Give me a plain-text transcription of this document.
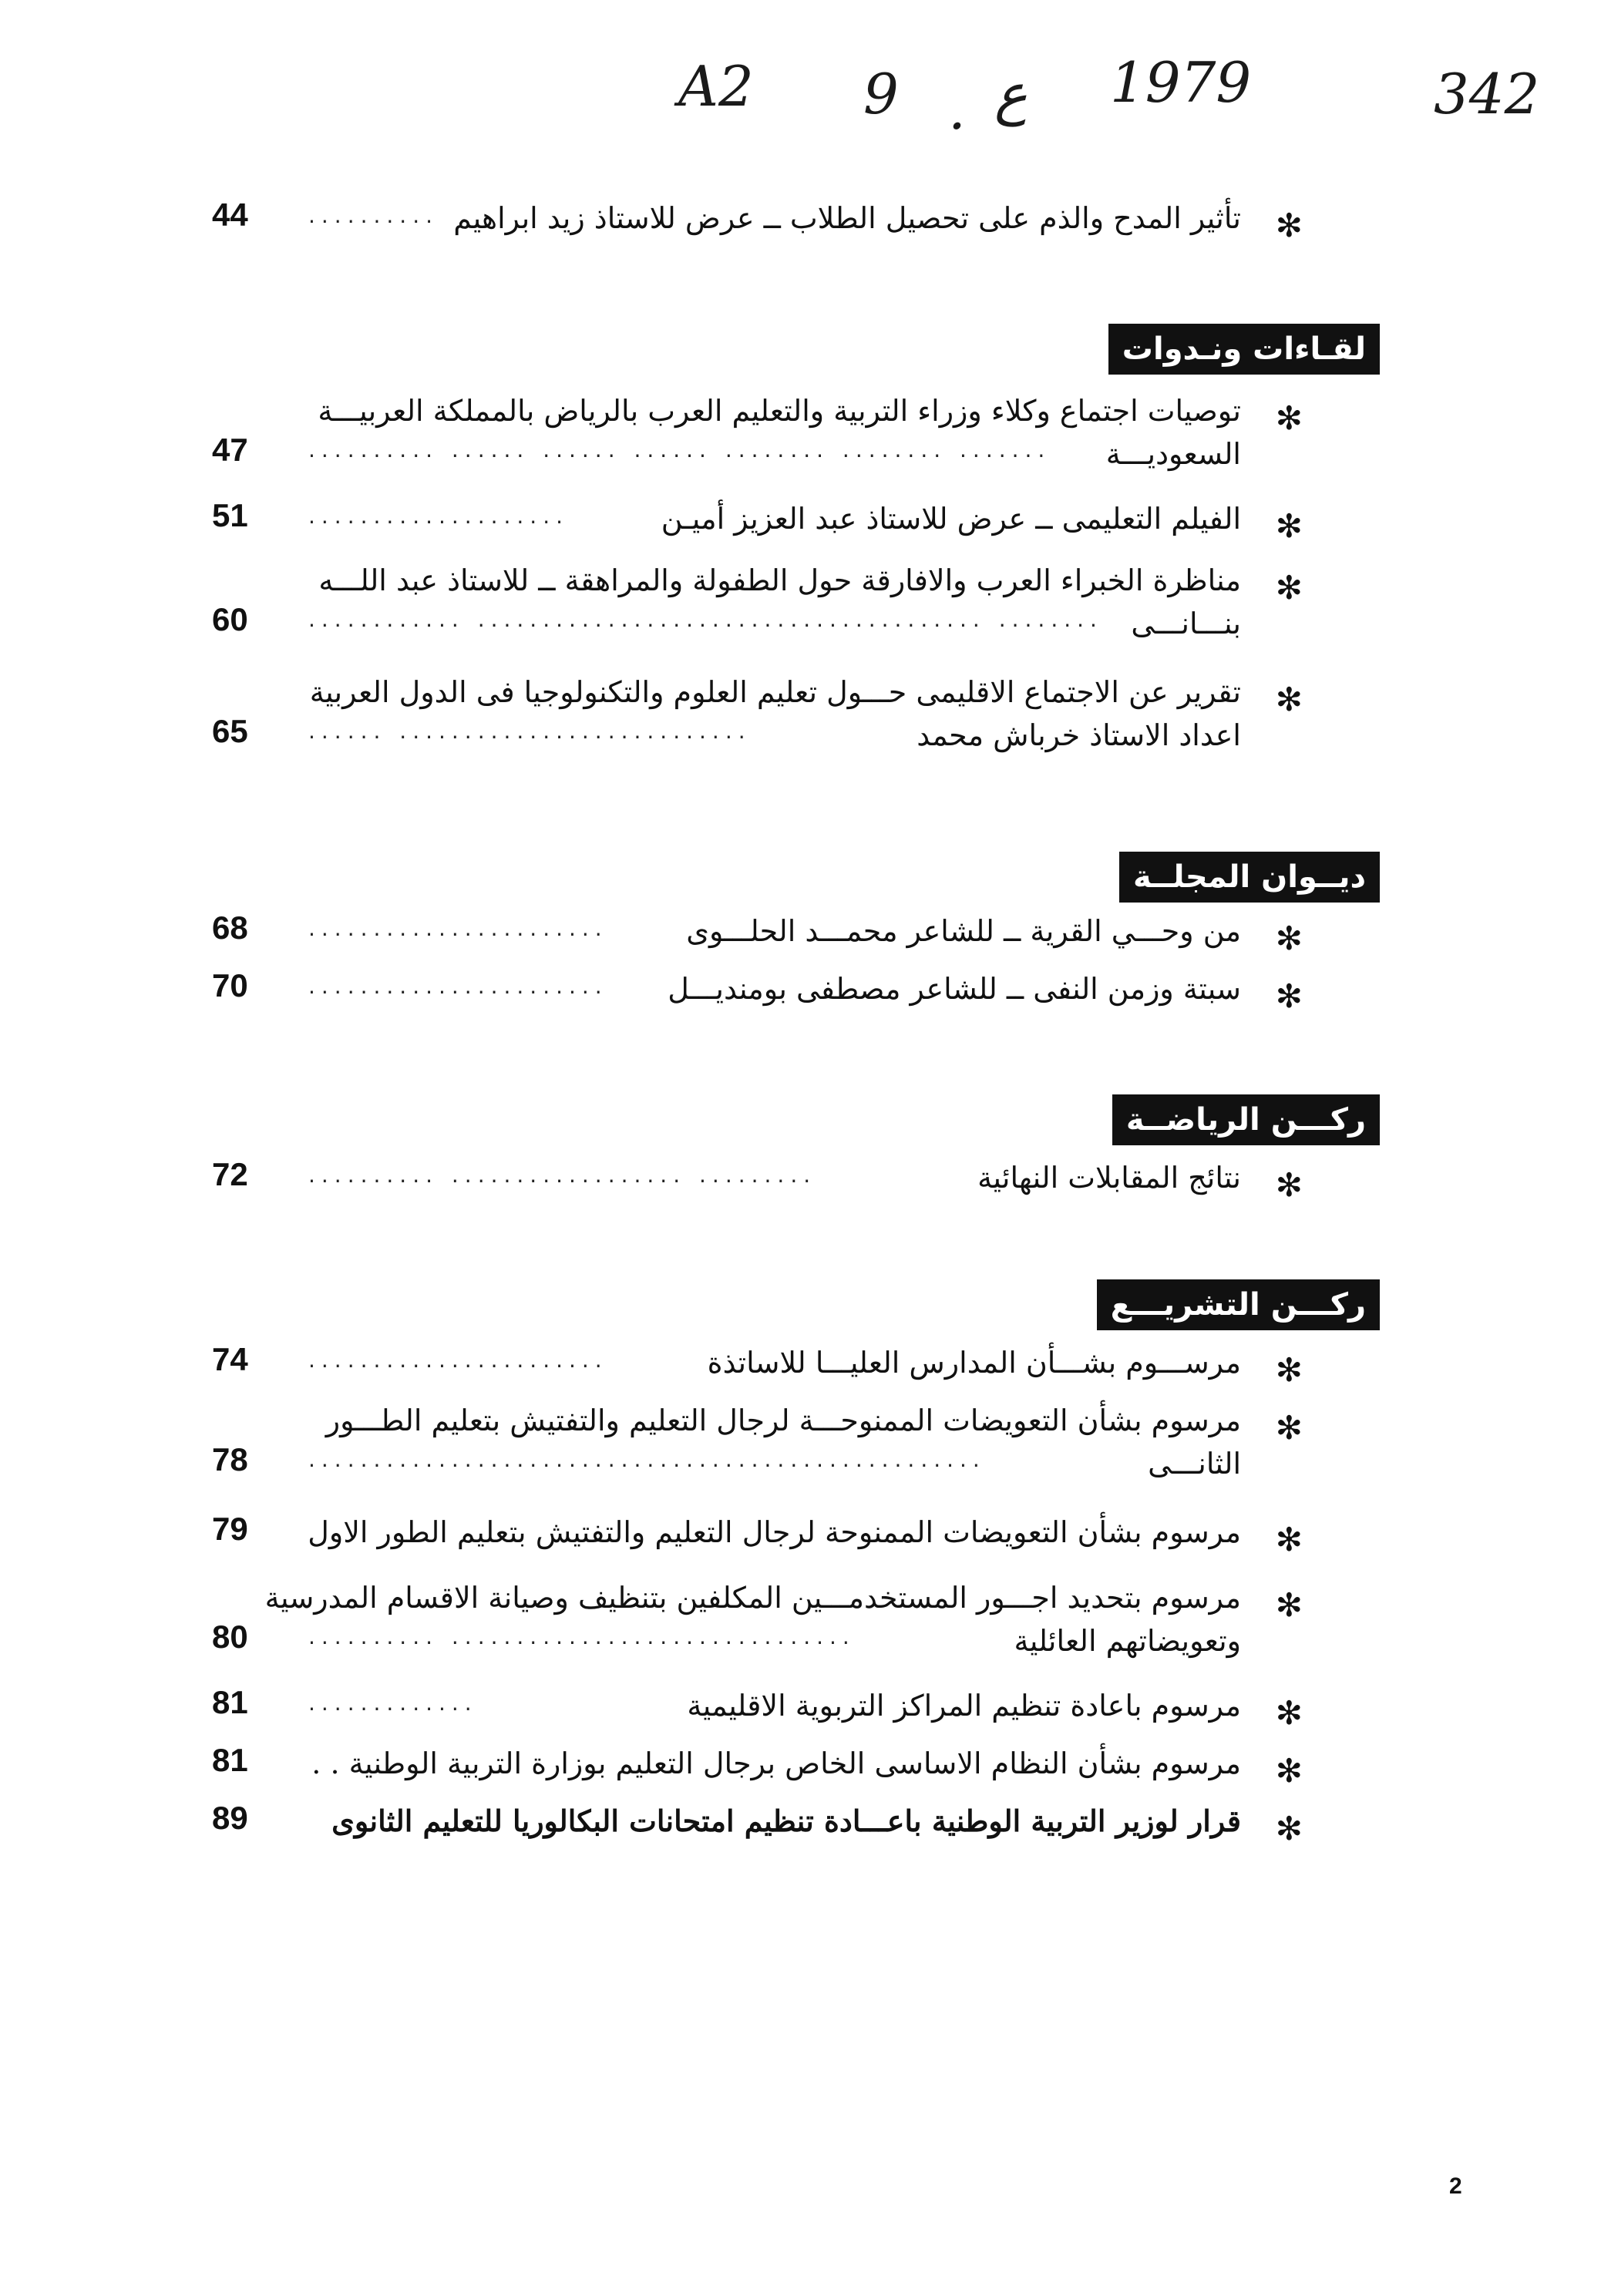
A2 9 . ع 1979	342
✻
تأثير المدح والذم على تحصيل الطلاب ــ عرض للاستاذ زيد ابراهيم
..........
44
لقـاءات ونـدوات
✻
توصيات اجتماع وكلاء وزراء التربية والتعليم العرب بالرياض بالمملكة العربيـــة
السعوديـــة
.......... ...... ...... ...... ........ ........ .......
47
✻
الفيلم التعليمى ــ عرض للاستاذ عبد العزيز أميـن
....................
51
✻
مناظرة الخبراء العرب والافارقة حول الطفولة والمراهقة ــ للاستاذ عبد اللـــه
بنـــانـــى
............ ....................................... ........
60
✻
تقرير عن الاجتماع الاقليمى حـــول تعليم العلوم والتكنولوجيا فى الدول العربية
اعداد الاستاذ خرباش محمد
...... ...........................
65
ديــوان المجلــة
✻
من وحـــي القرية ــ للشاعر محمـــد الحلـــوى
.......................
68
✻
سبتة وزمن النفى ــ للشاعر مصطفى بومنديـــل
.......................
70
ركـــن الرياضــة
✻
نتائج المقابلات النهائية
.......... .................. .........
72
ركـــن التشريـــع
✻
مرســـوم بشـــأن المدارس العليـــا للاساتذة
.......................
74
✻
مرسوم بشأن التعويضات الممنوحـــة لرجال التعليم والتفتيش بتعليم الطـــور
الثانـــى
....................................................
78
✻
مرسوم بشأن التعويضات الممنوحة لرجال التعليم والتفتيش بتعليم الطور الاول
79
✻
مرسوم بتحديد اجـــور المستخدمـــين المكلفين بتنظيف وصيانة الاقسام المدرسية
وتعويضاتهم العائلية
.......... ...............................
80
✻
مرسوم باعادة تنظيم المراكز التربوية الاقليمية
.............
81
✻
مرسوم بشأن النظام الاساسى الخاص برجال التعليم بوزارة التربية الوطنية . .
81
✻
قرار لوزير التربية الوطنية باعـــادة تنظيم امتحانات البكالوريا للتعليم الثانوى
89
2
